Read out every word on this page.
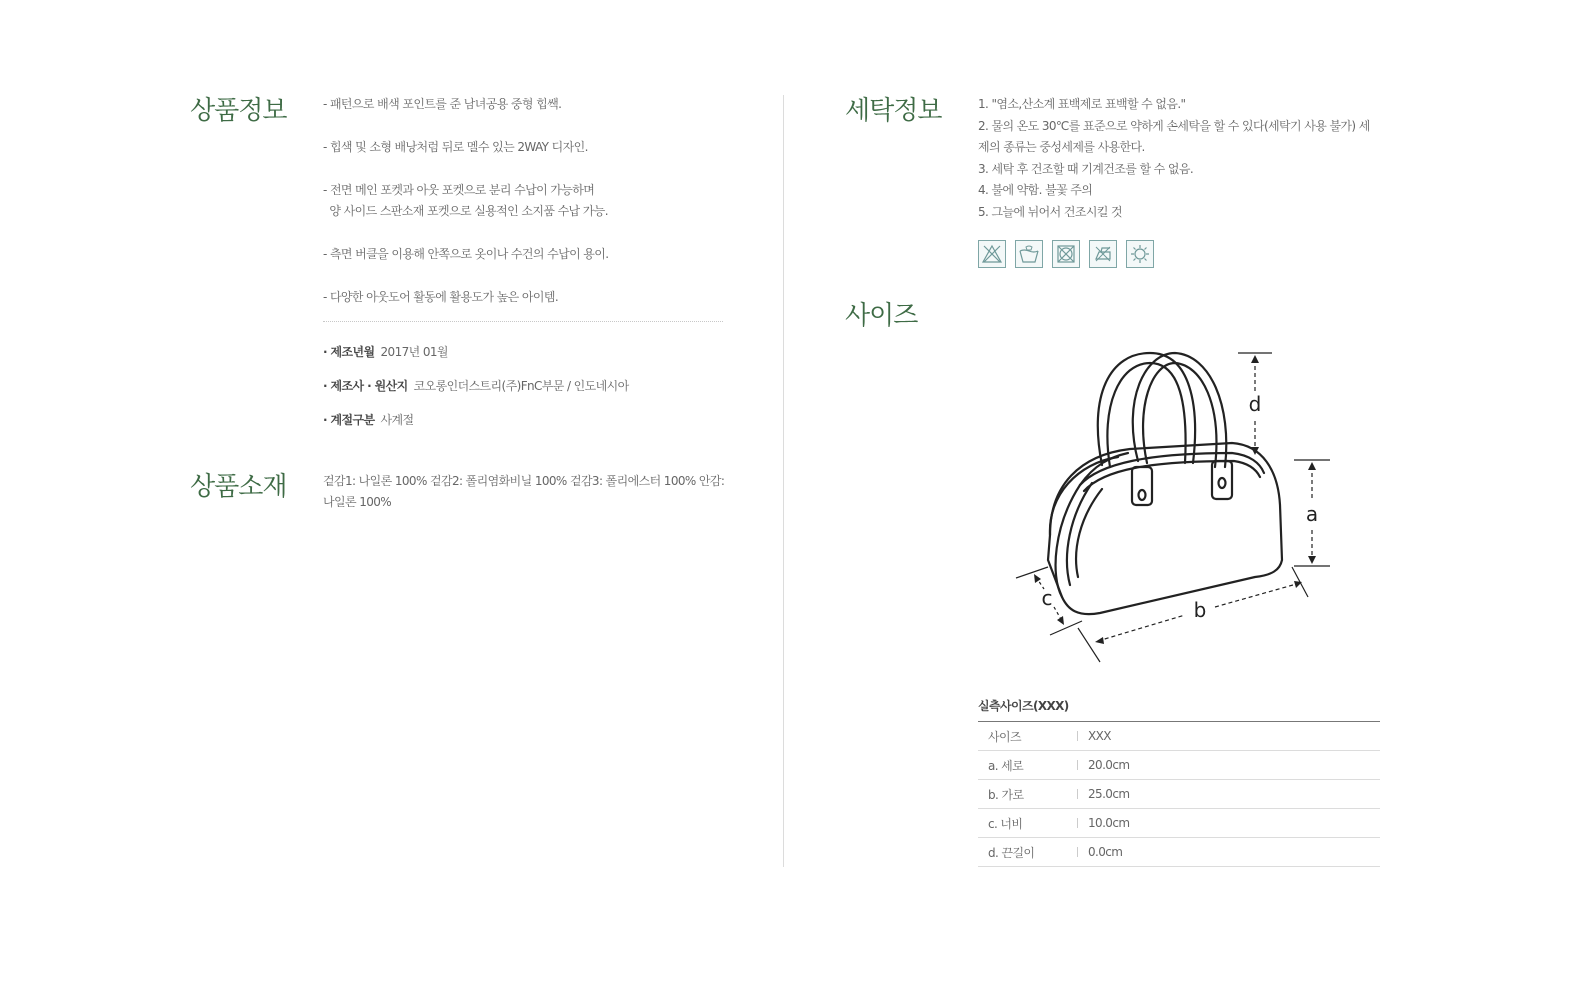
상품정보	- 패턴으로 배색 포인트를 준 남녀공용 중형 힙쌕.
- 힙색 및 소형 배낭처럼 뒤로 멜수 있는 2WAY 디자인.
- 전면 메인 포켓과 아웃 포켓으로 분리 수납이 가능하며
양 사이드 스판소재 포켓으로 실용적인 소지품 수납 가능.
- 측면 버클을 이용해 안쪽으로 옷이나 수건의 수납이 용이.
- 다양한 아웃도어 활동에 활용도가 높은 아이템.
· 제조년월 2017년 01월
· 제조사 · 원산지 코오롱인더스트리(주)FnC부문 / 인도네시아
· 계절구분 사계절
상품소재	겉감1: 나일론 100% 겉감2: 폴리염화비닐 100% 겉감3: 폴리에스터 100% 안감:
나일론 100%
세탁정보	1. "염소,산소계 표백제로 표백할 수 없음."
2. 물의 온도 30℃를 표준으로 약하게 손세탁을 할 수 있다(세탁기 사용 불가) 세
제의 종류는 중성세제를 사용한다.
3. 세탁 후 건조할 때 기계건조를 할 수 없음.
4. 불에 약함. 불꽃 주의
5. 그늘에 뉘어서 건조시킬 것
사이즈
d
a
b
c
실측사이즈(XXX)
사이즈	XXX
a. 세로	20.0cm
b. 가로	25.0cm
c. 너비	10.0cm
d. 끈길이	0.0cm
